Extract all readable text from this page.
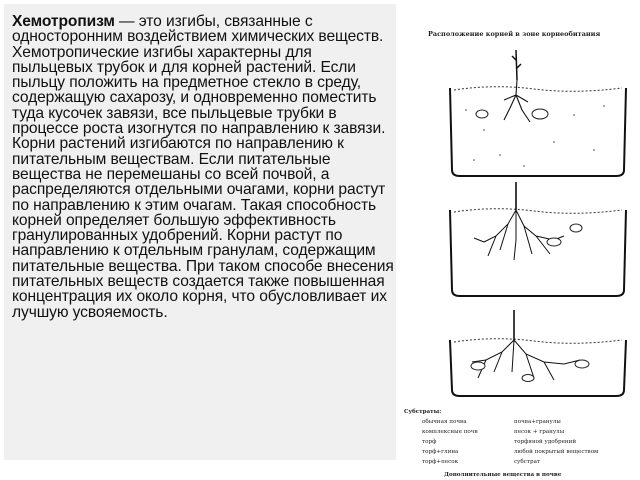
Хемотропизм — это изгибы, связанные с односторонним воздействием химических веществ.

Хемотропические изгибы характерны для пыльцевых трубок и для корней растений. Если пыльцу положить на предметное стекло в среду, содержащую сахарозу, и одновременно поместить туда кусочек завязи, все пыльцевые трубки в процессе роста изогнутся по направлению к завязи.

Корни растений изгибаются по направлению к питательным веществам. Если питательные вещества не перемешаны со всей почвой, а распределяются отдельными очагами, корни растут по направлению к этим очагам. Такая способность корней определяет большую эффективность гранулированных удобрений. Корни растут по направлению к отдельным гранулам, содержащим питательные вещества. При таком способе внесения питательных веществ создается также повышенная концентрация их около корня, что обусловливает их лучшую усвояемость.

Расположение корней в зоне корнеобитания
Субстраты:
обычная почва
комплексные почв
торф
торф+глина
торф+песок
почва+гранулы
песок + гранулы
торфяной удобрений
любой покрытый веществом
субстрат
Дополнительные вещества в почве
